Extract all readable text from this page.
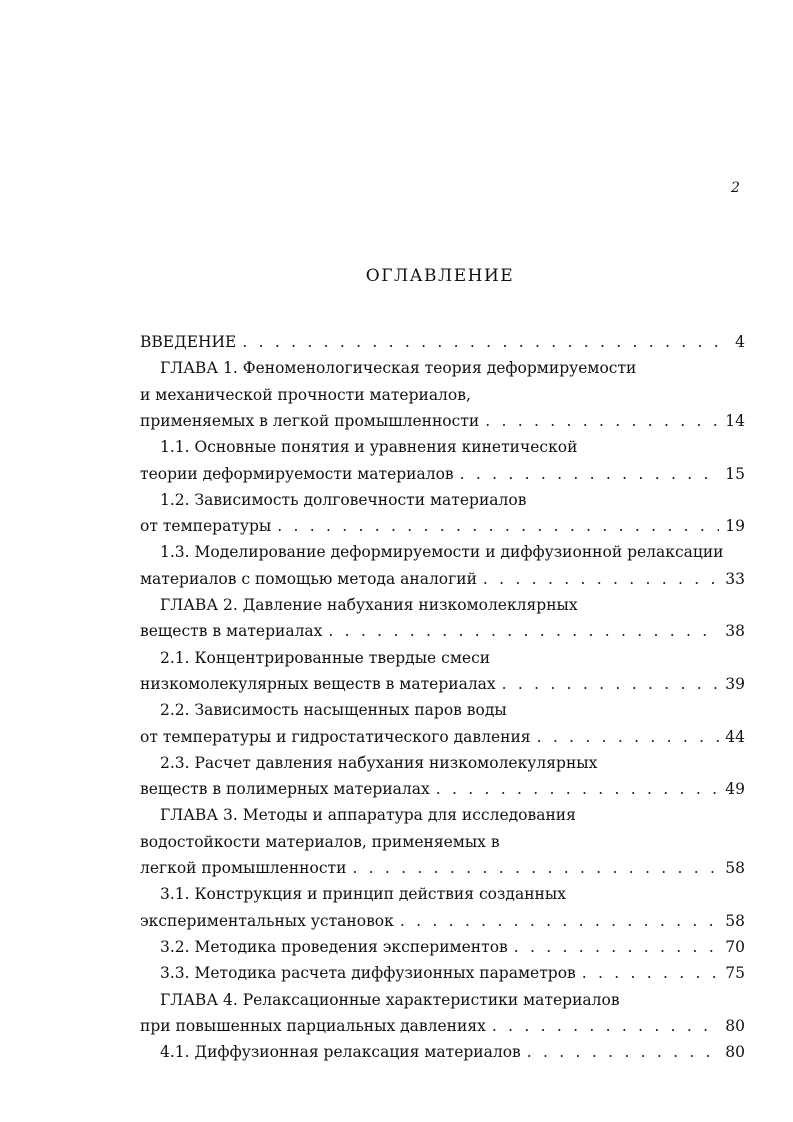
2
ОГЛАВЛЕНИЕ
ВВЕДЕНИЕ . . .	4
ГЛАВА 1. Феноменологическая теория деформируемости
и механической прочности материалов,
применяемых в легкой промышленности . . .	14
1.1. Основные понятия и уравнения кинетической
теории деформируемости материалов . . .	15
1.2. Зависимость долговечности материалов
от температуры . . .	19
1.3. Моделирование деформируемости и диффузионной релаксации
материалов с помощью метода аналогий . . .	33
ГЛАВА 2. Давление набухания низкомолеклярных
веществ в материалах . . .	38
2.1. Концентрированные твердые смеси
низкомолекулярных веществ в материалах . . .	39
2.2. Зависимость насыщенных паров воды
от температуры и гидростатического давления . . .	44
2.3. Расчет давления набухания низкомолекулярных
веществ в полимерных материалах . . .	49
ГЛАВА 3. Методы и аппаратура для исследования
водостойкости материалов, применяемых в
легкой промышленности . . .	58
3.1. Конструкция и принцип действия созданных
экспериментальных установок . . .	58
3.2. Методика проведения экспериментов . . .	70
3.3. Методика расчета диффузионных параметров . . .	75
ГЛАВА 4. Релаксационные характеристики материалов
при повышенных парциальных давлениях . . .	80
4.1. Диффузионная релаксация материалов . . .	80
